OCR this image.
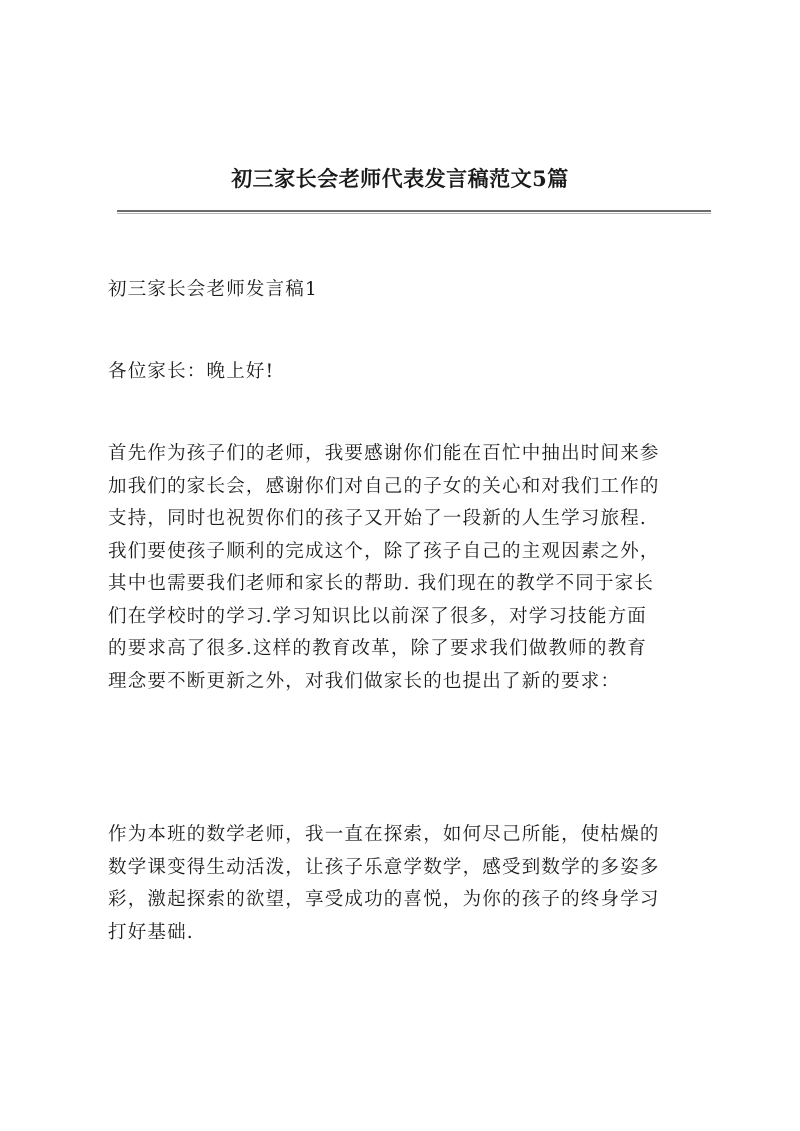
初三家长会老师代表发言稿范文5篇

初三家长会老师发言稿1

各位家长：晚上好!

首先作为孩子们的老师，我要感谢你们能在百忙中抽出时间来参
加我们的家长会，感谢你们对自己的子女的关心和对我们工作的
支持，同时也祝贺你们的孩子又开始了一段新的人生学习旅程.
我们要使孩子顺利的完成这个，除了孩子自己的主观因素之外，
其中也需要我们老师和家长的帮助. 我们现在的教学不同于家长
们在学校时的学习.学习知识比以前深了很多，对学习技能方面
的要求高了很多.这样的教育改革，除了要求我们做教师的教育
理念要不断更新之外，对我们做家长的也提出了新的要求：
作为本班的数学老师，我一直在探索，如何尽己所能，使枯燥的
数学课变得生动活泼，让孩子乐意学数学，感受到数学的多姿多
彩，激起探索的欲望，享受成功的喜悦，为你的孩子的终身学习
打好基础.
